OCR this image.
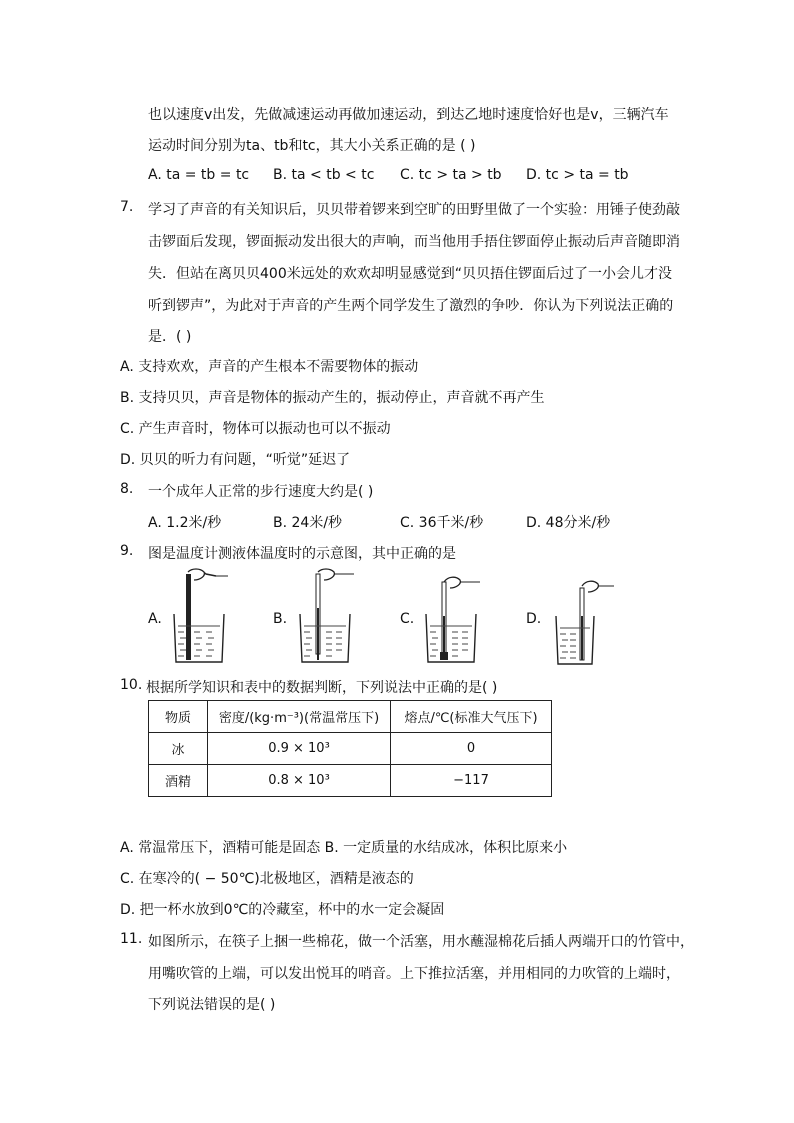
也以速度v出发，先做减速运动再做加速运动，到达乙地时速度恰好也是v，三辆汽车
运动时间分别为ta、tb和tc，其大小关系正确的是 ( )
A. ta = tb = tc B. ta < tb < tc C. tc > ta > tb D. tc > ta = tb
7. 学习了声音的有关知识后，贝贝带着锣来到空旷的田野里做了一个实验：用锤子使劲敲
击锣面后发现，锣面振动发出很大的声响，而当他用手捂住锣面停止振动后声音随即消
失．但站在离贝贝400米远处的欢欢却明显感觉到“贝贝捂住锣面后过了一小会儿才没
听到锣声”，为此对于声音的产生两个同学发生了激烈的争吵．你认为下列说法正确的
是．( )
A. 支持欢欢，声音的产生根本不需要物体的振动
B. 支持贝贝，声音是物体的振动产生的，振动停止，声音就不再产生
C. 产生声音时，物体可以振动也可以不振动
D. 贝贝的听力有问题，“听觉”延迟了
8. 一个成年人正常的步行速度大约是( )
A. 1.2米/秒	B. 24米/秒	C. 36千米/秒	D. 48分米/秒
9. 图是温度计测液体温度时的示意图，其中正确的是
A.	B.	C.	D.
10. 根据所学知识和表中的数据判断，下列说法中正确的是( )
物质	密度/(kg·m⁻³)(常温常压下)	熔点/℃(标准大气压下)
冰	0.9 × 10³	0
酒精	0.8 × 10³	−117
A. 常温常压下，酒精可能是固态 B. 一定质量的水结成冰，体积比原来小
C. 在寒冷的( − 50℃)北极地区，酒精是液态的
D. 把一杯水放到0℃的冷藏室，杯中的水一定会凝固
11. 如图所示，在筷子上捆一些棉花，做一个活塞，用水蘸湿棉花后插人两端开口的竹管中，
用嘴吹管的上端，可以发出悦耳的哨音。上下推拉活塞，并用相同的力吹管的上端时，
下列说法错误的是( )
